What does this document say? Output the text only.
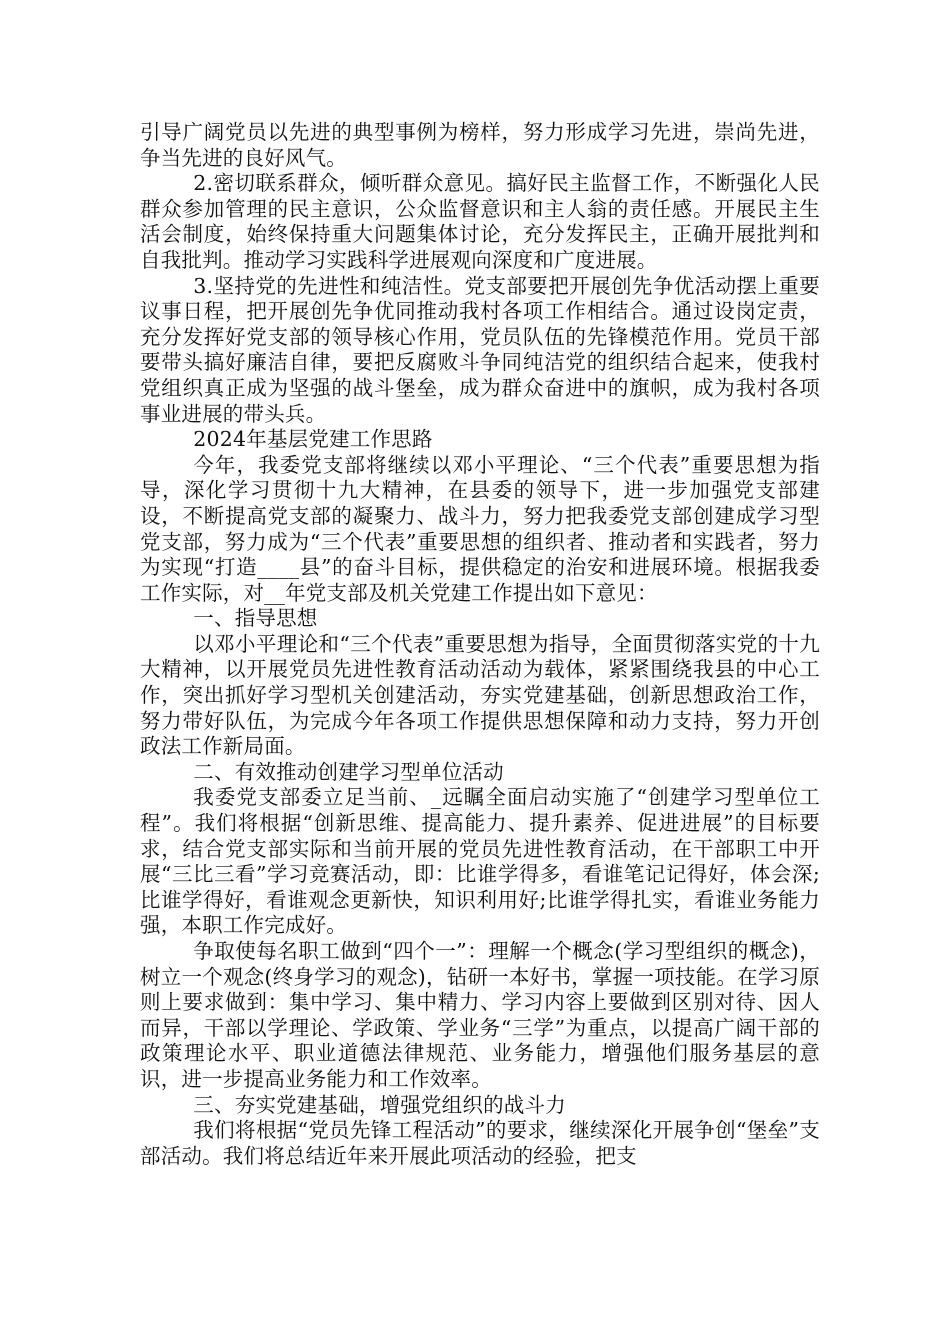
引导广阔党员以先进的典型事例为榜样，努力形成学习先进，崇尚先进，争当先进的良好风气。

2.密切联系群众，倾听群众意见。搞好民主监督工作，不断强化人民群众参加管理的民主意识，公众监督意识和主人翁的责任感。开展民主生活会制度，始终保持重大问题集体讨论，充分发挥民主，正确开展批判和自我批判。推动学习实践科学进展观向深度和广度进展。

3.坚持党的先进性和纯洁性。党支部要把开展创先争优活动摆上重要议事日程，把开展创先争优同推动我村各项工作相结合。通过设岗定责，充分发挥好党支部的领导核心作用，党员队伍的先锋模范作用。党员干部要带头搞好廉洁自律，要把反腐败斗争同纯洁党的组织结合起来，使我村党组织真正成为坚强的战斗堡垒，成为群众奋进中的旗帜，成为我村各项事业进展的带头兵。

2024年基层党建工作思路

今年，我委党支部将继续以邓小平理论、“三个代表”重要思想为指导，深化学习贯彻十九大精神，在县委的领导下，进一步加强党支部建设，不断提高党支部的凝聚力、战斗力，努力把我委党支部创建成学习型党支部，努力成为“三个代表”重要思想的组织者、推动者和实践者，努力为实现“打造____县”的奋斗目标，提供稳定的治安和进展环境。根据我委工作实际，对__年党支部及机关党建工作提出如下意见：

一、指导思想

以邓小平理论和“三个代表”重要思想为指导，全面贯彻落实党的十九大精神，以开展党员先进性教育活动活动为载体，紧紧围绕我县的中心工作，突出抓好学习型机关创建活动，夯实党建基础，创新思想政治工作，努力带好队伍，为完成今年各项工作提供思想保障和动力支持，努力开创政法工作新局面。

二、有效推动创建学习型单位活动

我委党支部委立足当前、_远瞩全面启动实施了“创建学习型单位工程”。我们将根据“创新思维、提高能力、提升素养、促进进展”的目标要求，结合党支部实际和当前开展的党员先进性教育活动，在干部职工中开展“三比三看”学习竞赛活动，即：比谁学得多，看谁笔记记得好，体会深;比谁学得好，看谁观念更新快，知识利用好;比谁学得扎实，看谁业务能力强，本职工作完成好。

争取使每名职工做到“四个一”：理解一个概念(学习型组织的概念)，树立一个观念(终身学习的观念)，钻研一本好书，掌握一项技能。在学习原则上要求做到：集中学习、集中精力、学习内容上要做到区别对待、因人而异，干部以学理论、学政策、学业务“三学”为重点，以提高广阔干部的政策理论水平、职业道德法律规范、业务能力，增强他们服务基层的意识，进一步提高业务能力和工作效率。

三、夯实党建基础，增强党组织的战斗力

我们将根据“党员先锋工程活动”的要求，继续深化开展争创“堡垒”支部活动。我们将总结近年来开展此项活动的经验，把支
